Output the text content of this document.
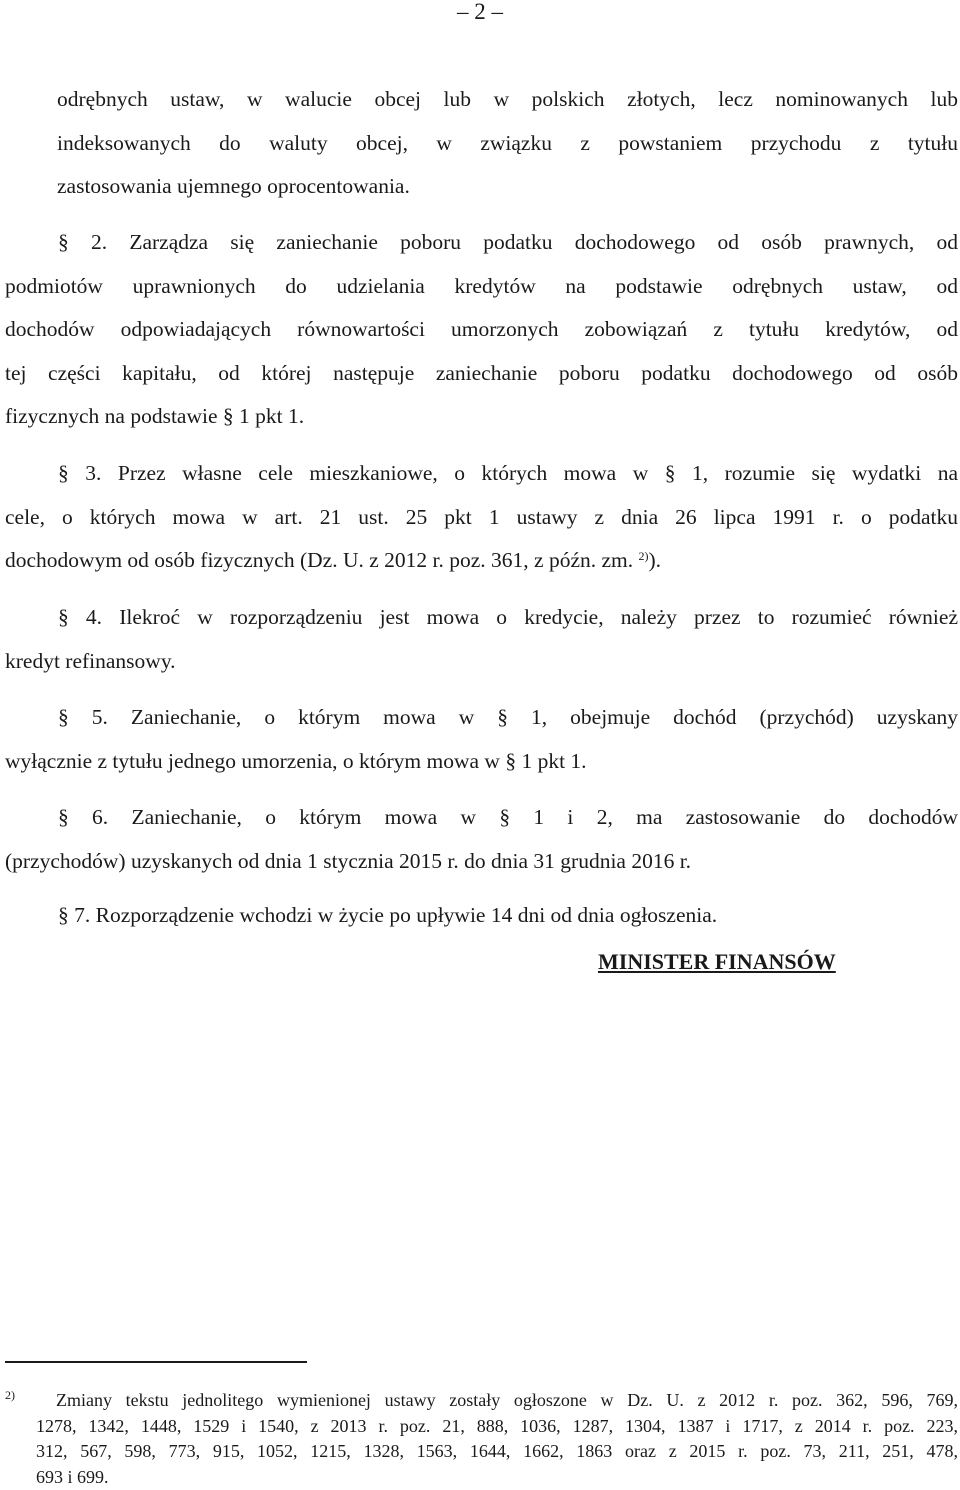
– 2 –
odrębnych ustaw, w walucie obcej lub w polskich złotych, lecz nominowanych lub
indeksowanych do waluty obcej, w związku z powstaniem przychodu z tytułu
zastosowania ujemnego oprocentowania.
§ 2. Zarządza się zaniechanie poboru podatku dochodowego od osób prawnych, od
podmiotów uprawnionych do udzielania kredytów na podstawie odrębnych ustaw, od
dochodów odpowiadających równowartości umorzonych zobowiązań z tytułu kredytów, od
tej części kapitału, od której następuje zaniechanie poboru podatku dochodowego od osób
fizycznych na podstawie § 1 pkt 1.
§ 3. Przez własne cele mieszkaniowe, o których mowa w § 1, rozumie się wydatki na
cele, o których mowa w art. 21 ust. 25 pkt 1 ustawy z dnia 26 lipca 1991 r. o podatku
dochodowym od osób fizycznych (Dz. U. z 2012 r. poz. 361, z późn. zm. $^{2)}$).
§ 4. Ilekroć w rozporządzeniu jest mowa o kredycie, należy przez to rozumieć również
kredyt refinansowy.
§ 5. Zaniechanie, o którym mowa w § 1, obejmuje dochód (przychód) uzyskany
wyłącznie z tytułu jednego umorzenia, o którym mowa w § 1 pkt 1.
§ 6. Zaniechanie, o którym mowa w § 1 i 2, ma zastosowanie do dochodów
(przychodów) uzyskanych od dnia 1 stycznia 2015 r. do dnia 31 grudnia 2016 r.
§ 7. Rozporządzenie wchodzi w życie po upływie 14 dni od dnia ogłoszenia.
MINISTER FINANSÓW
$^{2)}$ Zmiany tekstu jednolitego wymienionej ustawy zostały ogłoszone w Dz. U. z 2012 r. poz. 362, 596, 769,
1278, 1342, 1448, 1529 i 1540, z 2013 r. poz. 21, 888, 1036, 1287, 1304, 1387 i 1717, z 2014 r. poz. 223,
312, 567, 598, 773, 915, 1052, 1215, 1328, 1563, 1644, 1662, 1863 oraz z 2015 r. poz. 73, 211, 251, 478,
693 i 699.
